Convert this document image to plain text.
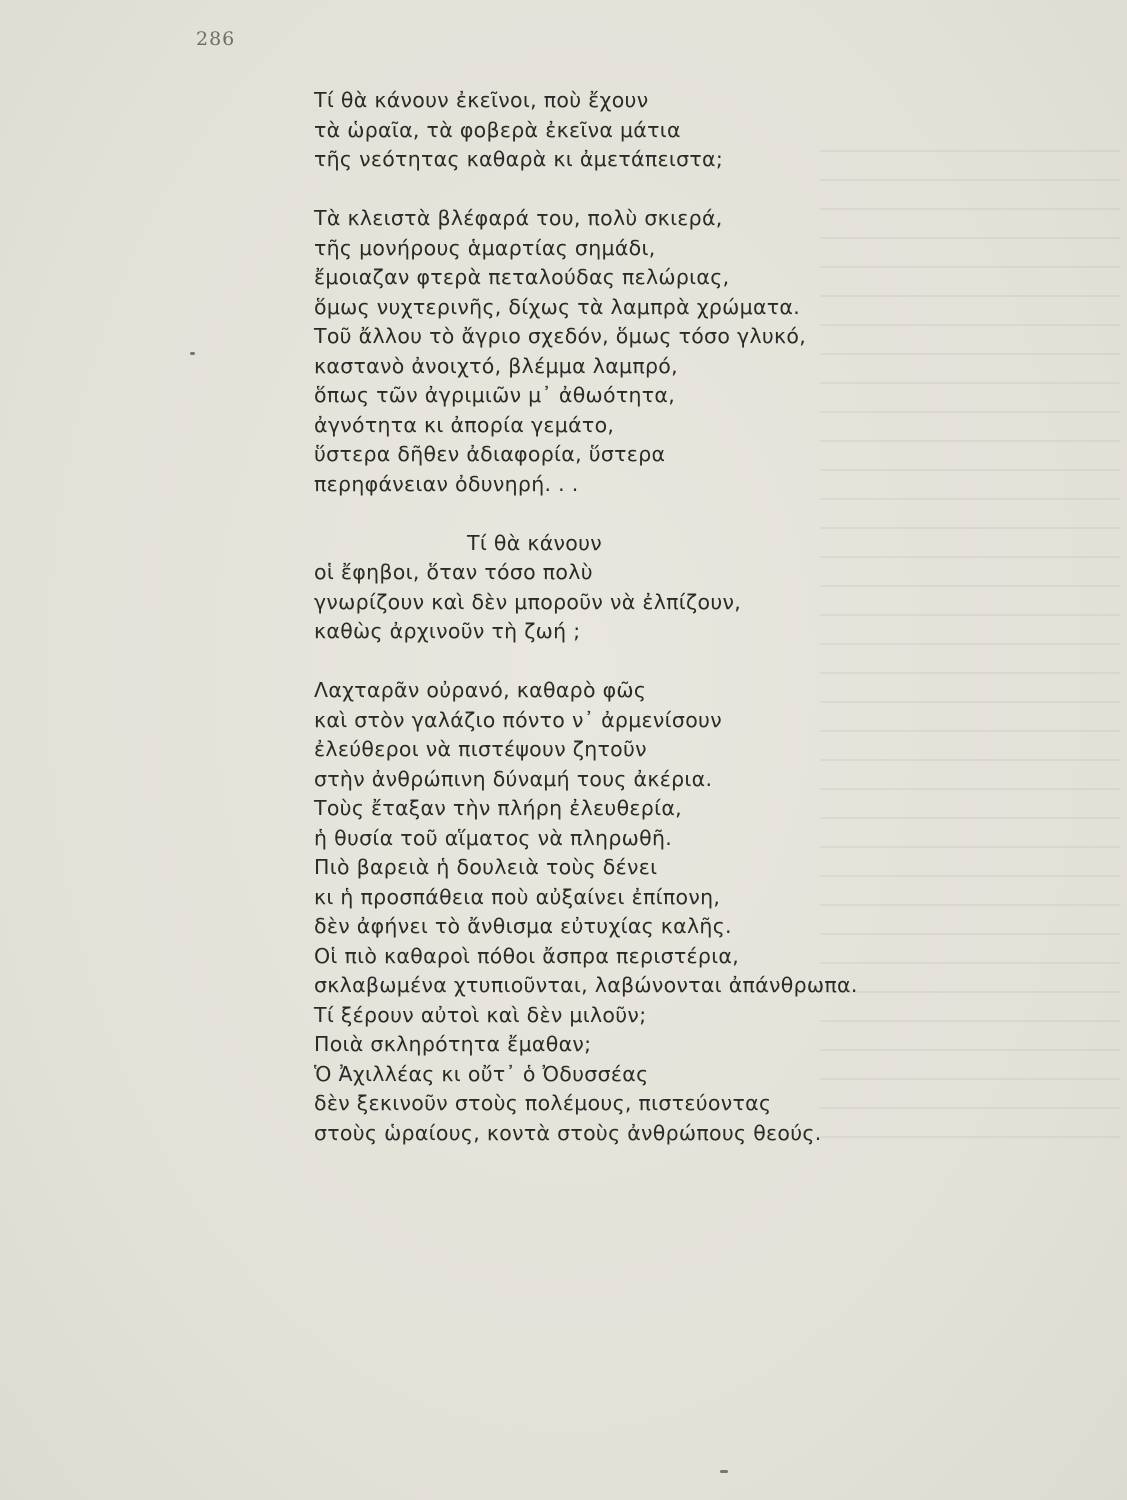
286
Τί θὰ κάνουν ἐκεῖνοι, ποὺ ἔχουν
τὰ ὡραῖα, τὰ φοβερὰ ἐκεῖνα μάτια
τῆς νεότητας καθαρὰ κι ἀμετάπειστα;
Τὰ κλειστὰ βλέφαρά του, πολὺ σκιερά,
τῆς μονήρους ἁμαρτίας σημάδι,
ἔμοιαζαν φτερὰ πεταλούδας πελώριας,
ὅμως νυχτερινῆς, δίχως τὰ λαμπρὰ χρώματα.
Τοῦ ἄλλου τὸ ἄγριο σχεδόν, ὅμως τόσο γλυκό,
καστανὸ ἀνοιχτό, βλέμμα λαμπρό,
ὅπως τῶν ἀγριμιῶν μ᾽ ἀθωότητα,
ἀγνότητα κι ἀπορία γεμάτο,
ὕστερα δῆθεν ἀδιαφορία, ὕστερα
περηφάνειαν ὀδυνηρή. . .
Τί θὰ κάνουν
οἱ ἔφηβοι, ὅταν τόσο πολὺ
γνωρίζουν καὶ δὲν μποροῦν νὰ ἐλπίζουν,
καθὼς ἀρχινοῦν τὴ ζωή ;
Λαχταρᾶν οὐρανό, καθαρὸ φῶς
καὶ στὸν γαλάζιο πόντο ν᾽ ἀρμενίσουν
ἐλεύθεροι νὰ πιστέψουν ζητοῦν
στὴν ἀνθρώπινη δύναμή τους ἀκέρια.
Τοὺς ἔταξαν τὴν πλήρη ἐλευθερία,
ἡ θυσία τοῦ αἵματος νὰ πληρωθῆ.
Πιὸ βαρειὰ ἡ δουλειὰ τοὺς δένει
κι ἡ προσπάθεια ποὺ αὐξαίνει ἐπίπονη,
δὲν ἀφήνει τὸ ἄνθισμα εὐτυχίας καλῆς.
Οἱ πιὸ καθαροὶ πόθοι ἄσπρα περιστέρια,
σκλαβωμένα χτυπιοῦνται, λαβώνονται ἀπάνθρωπα.
Τί ξέρουν αὐτοὶ καὶ δὲν μιλοῦν;
Ποιὰ σκληρότητα ἔμαθαν;
Ὁ Ἀχιλλέας κι οὔτ᾽ ὁ Ὀδυσσέας
δὲν ξεκινοῦν στοὺς πολέμους, πιστεύοντας
στοὺς ὡραίους, κοντὰ στοὺς ἀνθρώπους θεούς.
